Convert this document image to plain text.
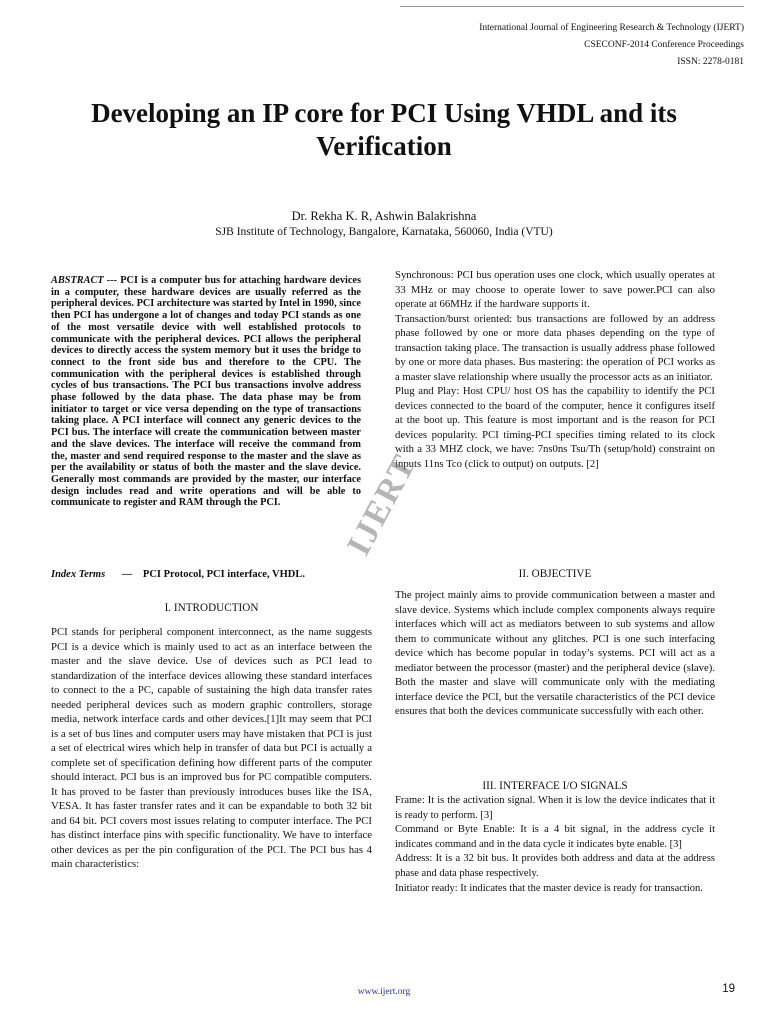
International Journal of Engineering Research & Technology (IJERT)
CSECONF-2014 Conference Proceedings
ISSN: 2278-0181
Developing an IP core for PCI Using VHDL and its Verification
Dr. Rekha K. R, Ashwin Balakrishna
SJB Institute of Technology, Bangalore, Karnataka, 560060, India (VTU)
ABSTRACT --- PCI is a computer bus for attaching hardware devices in a computer, these hardware devices are usually referred as the peripheral devices. PCI architecture was started by Intel in 1990, since then PCI has undergone a lot of changes and today PCI stands as one of the most versatile device with well established protocols to communicate with the peripheral devices. PCI allows the peripheral devices to directly access the system memory but it uses the bridge to connect to the front side bus and therefore to the CPU. The communication with the peripheral devices is established through cycles of bus transactions. The PCI bus transactions involve address phase followed by the data phase. The data phase may be from initiator to target or vice versa depending on the type of transactions taking place. A PCI interface will connect any generic devices to the PCI bus. The interface will create the communication between master and the slave devices. The interface will receive the command from the, master and send required response to the master and the slave as per the availability or status of both the master and the slave device. Generally most commands are provided by the master, our interface design includes read and write operations and will be able to communicate to register and RAM through the PCI.
Index Terms — PCI Protocol, PCI interface, VHDL.
I. INTRODUCTION

PCI stands for peripheral component interconnect, as the name suggests PCI is a device which is mainly used to act as an interface between the master and the slave device. Use of devices such as PCI lead to standardization of the interface devices allowing these standard interfaces to connect to the a PC, capable of sustaining the high data transfer rates needed peripheral devices such as modern graphic controllers, storage media, network interface cards and other devices.[1]It may seem that PCI is a set of bus lines and computer users may have mistaken that PCI is just a set of electrical wires which help in transfer of data but PCI is actually a complete set of specification defining how different parts of the computer should interact. PCI bus is an improved bus for PC compatible computers. It has proved to be faster than previously introduces buses like the ISA, VESA. It has faster transfer rates and it can be expandable to both 32 bit and 64 bit. PCI covers most issues relating to computer interface. The PCI has distinct interface pins with specific functionality. We have to interface other devices as per the pin configuration of the PCI. The PCI bus has 4 main characteristics:

Synchronous: PCI bus operation uses one clock, which usually operates at 33 MHz or may choose to operate lower to save power.PCI can also operate at 66MHz if the hardware supports it.

Transaction/burst oriented: bus transactions are followed by an address phase followed by one or more data phases depending on the type of transaction taking place. The transaction is usually address phase followed by one or more data phases. Bus mastering: the operation of PCI works as a master slave relationship where usually the processor acts as an initiator.

Plug and Play: Host CPU/ host OS has the capability to identify the PCI devices connected to the board of the computer, hence it configures itself at the boot up. This feature is most important and is the reason for PCI devices popularity. PCI timing-PCI specifies timing related to its clock with a 33 MHZ clock, we have: 7ns0ns Tsu/Th (setup/hold) constraint on inputs 11ns Tco (click to output) on outputs. [2]

II. OBJECTIVE

The project mainly aims to provide communication between a master and slave device. Systems which include complex components always require interfaces which will act as mediators between to sub systems and allow them to communicate without any glitches. PCI is one such interfacing device which has become popular in today’s systems. PCI will act as a mediator between the processor (master) and the peripheral device (slave). Both the master and slave will communicate only with the mediating interface device the PCI, but the versatile characteristics of the PCI device ensures that both the devices communicate successfully with each other.

III. INTERFACE I/O SIGNALS

Frame: It is the activation signal. When it is low the device indicates that it is ready to perform. [3]

Command or Byte Enable: It is a 4 bit signal, in the address cycle it indicates command and in the data cycle it indicates byte enable. [3]

Address: It is a 32 bit bus. It provides both address and data at the address phase and data phase respectively.

Initiator ready: It indicates that the master device is ready for transaction.

IJERT
www.ijert.org	19
